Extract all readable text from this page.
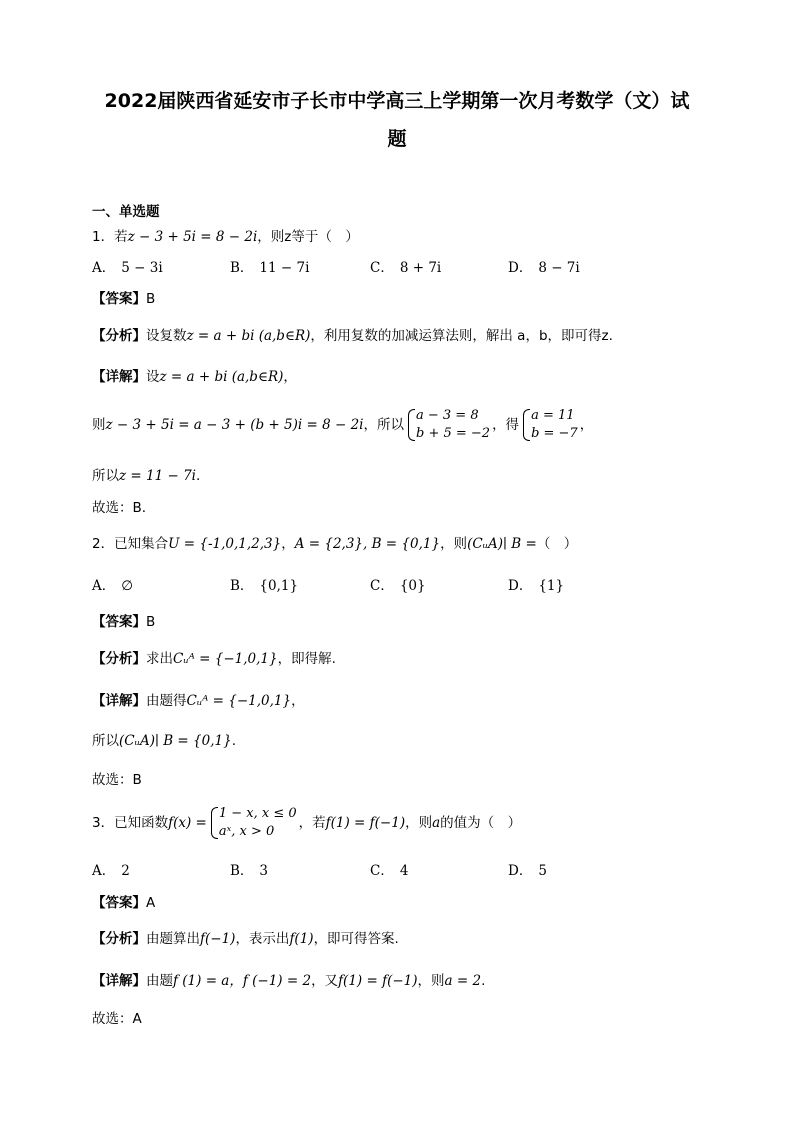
2022届陕西省延安市子长市中学高三上学期第一次月考数学（文）试
题
一、单选题
1．若z − 3 + 5i = 8 − 2i，则z等于（　）
A． 5 − 3i	B． 11 − 7i	C． 8 + 7i	D． 8 − 7i
【答案】B
【分析】设复数z = a + bi (a,b∈R)，利用复数的加减运算法则，解出 a，b，即可得z.
【详解】设z = a + bi (a,b∈R)，
则z − 3 + 5i = a − 3 + (b + 5)i = 8 − 2i，所以
a − 3 = 8
b + 5 = −2
，得
a = 11
b = −7
，
所以z = 11 − 7i.
故选：B.
2．已知集合U = {-1,0,1,2,3}，A = {2,3}, B = {0,1}，则(CᵤA)∣ B =（　）
A． ∅	B． {0,1}	C． {0}	D． {1}
【答案】B
【分析】求出Cᵤᴬ = {−1,0,1}，即得解.
【详解】由题得Cᵤᴬ = {−1,0,1}，
所以(CᵤA)∣ B = {0,1}.
故选：B
3．已知函数f(x) =
1 − x, x ≤ 0
aˣ, x > 0
，若f(1) = f(−1)，则a的值为（　）
A． 2	B． 3	C． 4	D． 5
【答案】A
【分析】由题算出f(−1)，表示出f(1)，即可得答案.
【详解】由题f (1) = a，f (−1) = 2，又f(1) = f(−1)，则a = 2.
故选：A
